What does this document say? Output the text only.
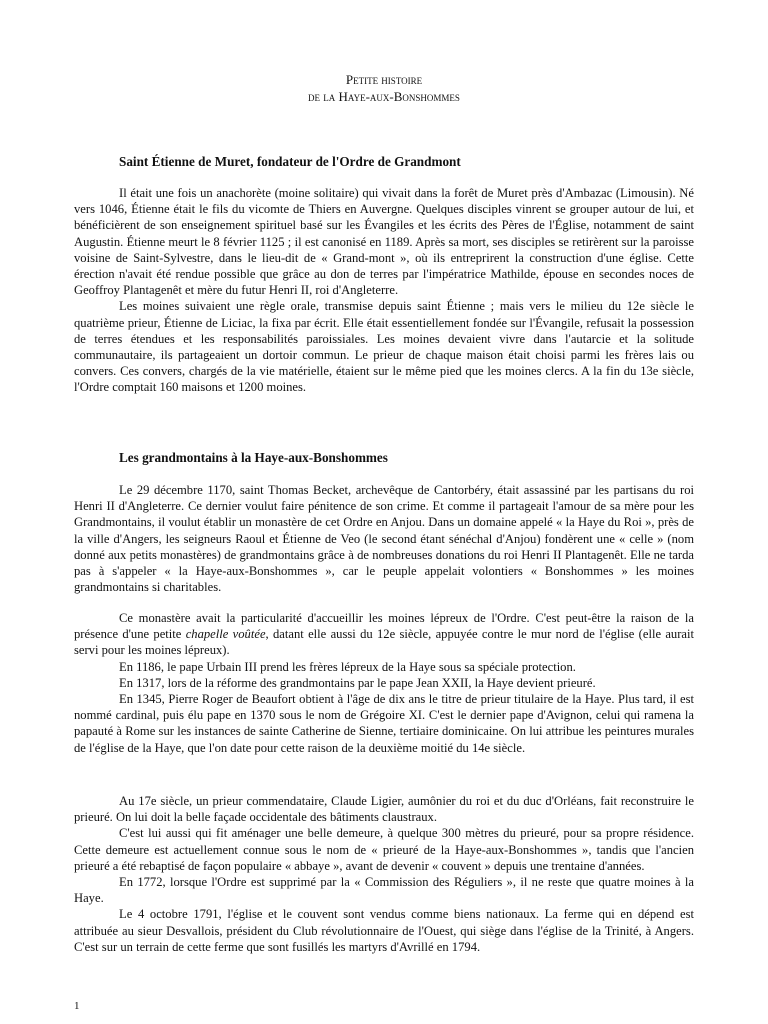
Petite histoire
de la Haye-aux-Bonshommes
Saint Étienne de Muret, fondateur de l'Ordre de Grandmont

Il était une fois un anachorète (moine solitaire) qui vivait dans la forêt de Muret près d'Ambazac (Limousin). Né vers 1046, Étienne était le fils du vicomte de Thiers en Auvergne. Quelques disciples vinrent se grouper autour de lui, et bénéficièrent de son enseignement spirituel basé sur les Évangiles et les écrits des Pères de l'Église, notamment de saint Augustin. Étienne meurt le 8 février 1125 ; il est canonisé en 1189. Après sa mort, ses disciples se retirèrent sur la paroisse voisine de Saint-Sylvestre, dans le lieu-dit de « Grand-mont », où ils entreprirent la construction d'une église. Cette érection n'avait été rendue possible que grâce au don de terres par l'impératrice Mathilde, épouse en secondes noces de Geoffroy Plantagenêt et mère du futur Henri II, roi d'Angleterre.

Les moines suivaient une règle orale, transmise depuis saint Étienne ; mais vers le milieu du 12e siècle le quatrième prieur, Étienne de Liciac, la fixa par écrit. Elle était essentiellement fondée sur l'Évangile, refusait la possession de terres étendues et les responsabilités paroissiales. Les moines devaient vivre dans l'autarcie et la solitude communautaire, ils partageaient un dortoir commun. Le prieur de chaque maison était choisi parmi les frères lais ou convers. Ces convers, chargés de la vie matérielle, étaient sur le même pied que les moines clercs. A la fin du 13e siècle, l'Ordre comptait 160 maisons et 1200 moines.

Les grandmontains à la Haye-aux-Bonshommes

Le 29 décembre 1170, saint Thomas Becket, archevêque de Cantorbéry, était assassiné par les partisans du roi Henri II d'Angleterre. Ce dernier voulut faire pénitence de son crime. Et comme il partageait l'amour de sa mère pour les Grandmontains, il voulut établir un monastère de cet Ordre en Anjou. Dans un domaine appelé « la Haye du Roi », près de la ville d'Angers, les seigneurs Raoul et Étienne de Veo (le second étant sénéchal d'Anjou) fondèrent une « celle » (nom donné aux petits monastères) de grandmontains grâce à de nombreuses donations du roi Henri II Plantagenêt. Elle ne tarda pas à s'appeler « la Haye-aux-Bonshommes », car le peuple appelait volontiers « Bonshommes » les moines grandmontains si charitables.

Ce monastère avait la particularité d'accueillir les moines lépreux de l'Ordre. C'est peut-être la raison de la présence d'une petite chapelle voûtée, datant elle aussi du 12e siècle, appuyée contre le mur nord de l'église (elle aurait servi pour les moines lépreux).

En 1186, le pape Urbain III prend les frères lépreux de la Haye sous sa spéciale protection.

En 1317, lors de la réforme des grandmontains par le pape Jean XXII, la Haye devient prieuré.

En 1345, Pierre Roger de Beaufort obtient à l'âge de dix ans le titre de prieur titulaire de la Haye. Plus tard, il est nommé cardinal, puis élu pape en 1370 sous le nom de Grégoire XI. C'est le dernier pape d'Avignon, celui qui ramena la papauté à Rome sur les instances de sainte Catherine de Sienne, tertiaire dominicaine. On lui attribue les peintures murales de l'église de la Haye, que l'on date pour cette raison de la deuxième moitié du 14e siècle.

Au 17e siècle, un prieur commendataire, Claude Ligier, aumônier du roi et du duc d'Orléans, fait reconstruire le prieuré. On lui doit la belle façade occidentale des bâtiments claustraux.

C'est lui aussi qui fit aménager une belle demeure, à quelque 300 mètres du prieuré, pour sa propre résidence. Cette demeure est actuellement connue sous le nom de « prieuré de la Haye-aux-Bonshommes », tandis que l'ancien prieuré a été rebaptisé de façon populaire « abbaye », avant de devenir « couvent » depuis une trentaine d'années.

En 1772, lorsque l'Ordre est supprimé par la « Commission des Réguliers », il ne reste que quatre moines à la Haye.

Le 4 octobre 1791, l'église et le couvent sont vendus comme biens nationaux. La ferme qui en dépend est attribuée au sieur Desvallois, président du Club révolutionnaire de l'Ouest, qui siège dans l'église de la Trinité, à Angers. C'est sur un terrain de cette ferme que sont fusillés les martyrs d'Avrillé en 1794.

1
